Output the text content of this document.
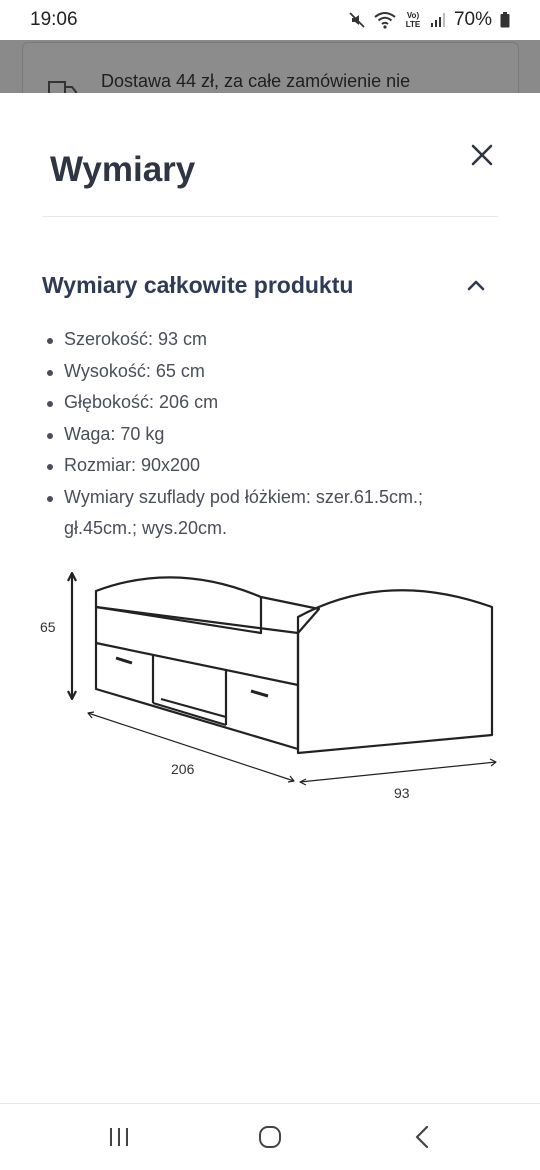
19:06	Vo) LTE 70%
Dostawa 44 zł, za całe zamówienie nie
Wymiary
Wymiary całkowite produktu
Szerokość: 93 cm
Wysokość: 65 cm
Głębokość: 206 cm
Waga: 70 kg
Rozmiar: 90x200
Wymiary szuflady pod łóżkiem: szer.61.5cm.; gł.45cm.; wys.20cm.
65
206
93
